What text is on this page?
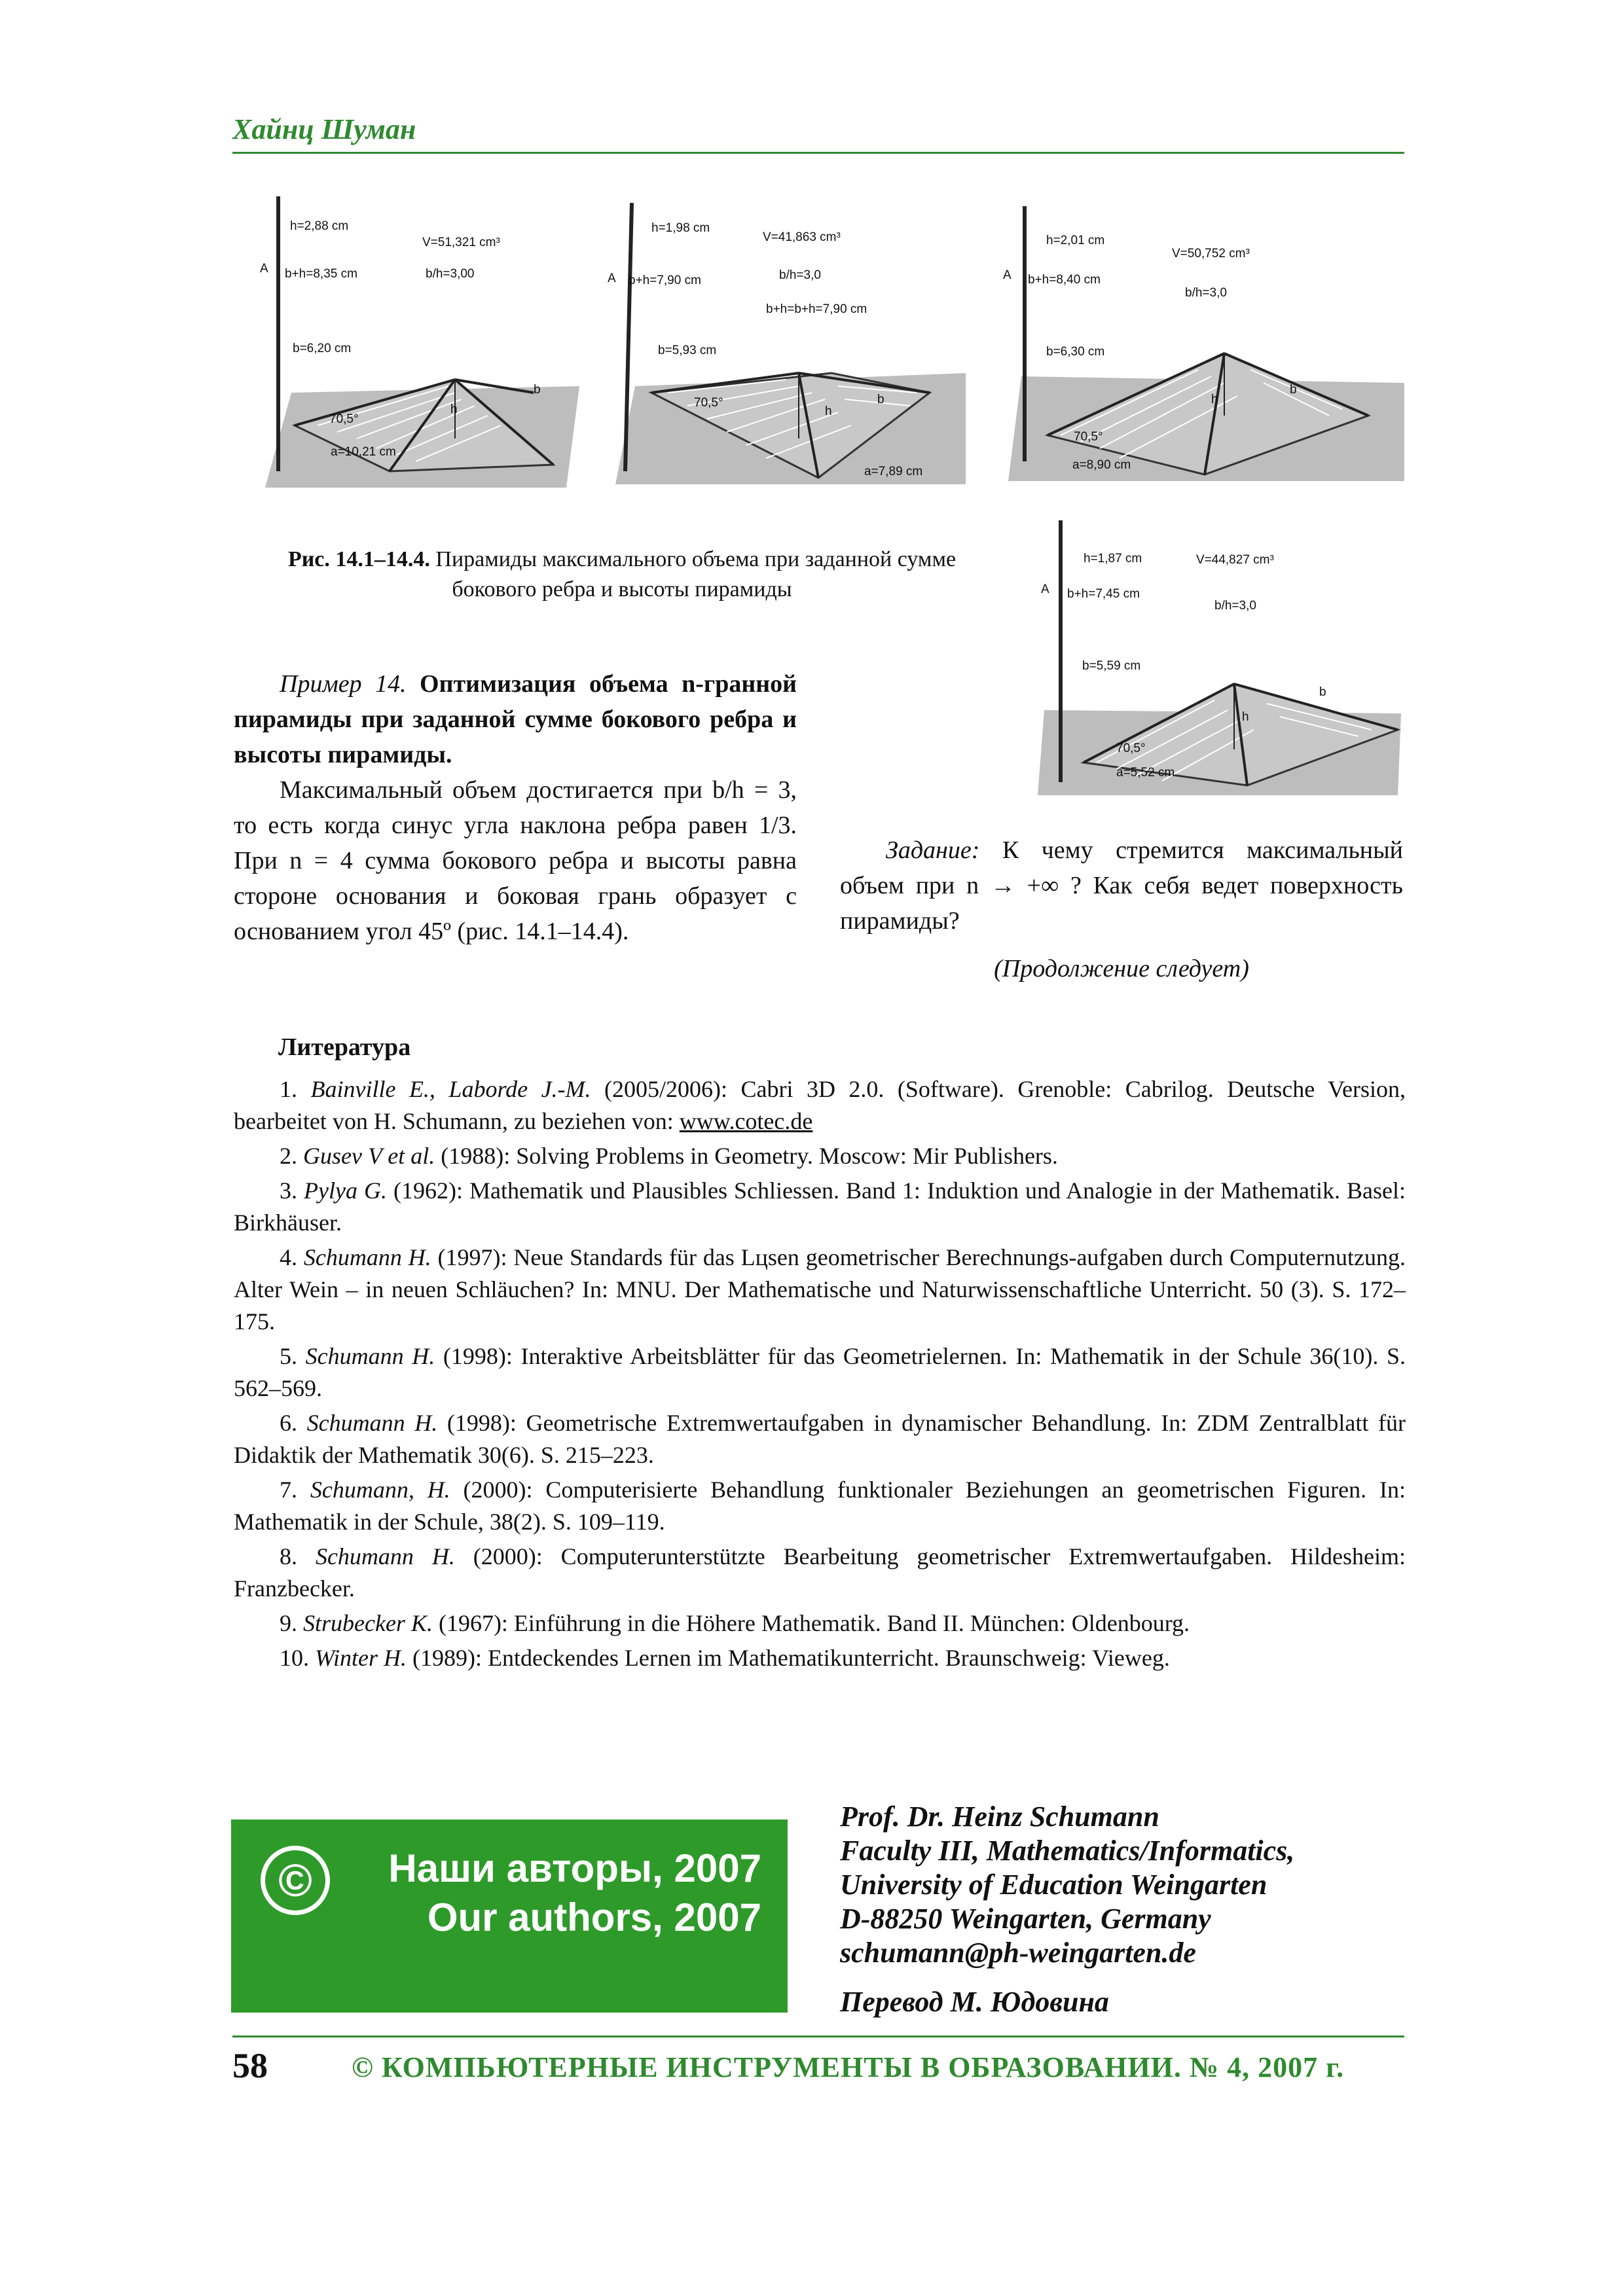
Хайнц Шуман
h=2,88 cm
V=51,321 cm³
b+h=8,35 cm	b/h=3,00
A
b=6,20 cm
b
a=10,21 cm
70,5°
h
h=1,98 cm
V=41,863 cm³
b+h=7,90 cm	b/h=3,0
b+h=b+h=7,90 cm
A
b=5,93 cm
70,5°	b
h
a=7,89 cm
h=2,01 cm
V=50,752 cm³
b+h=8,40 cm
b/h=3,0
A
b=6,30 cm
b
h
70,5°
a=8,90 cm
h=1,87 cm	V=44,827 cm³
b+h=7,45 cm
b/h=3,0
A
b=5,59 cm
b
h
70,5°
a=5,52 cm
Рис. 14.1–14.4. Пирамиды максимального объема при заданной сумме бокового ребра и высоты пирамиды

Пример 14. Оптимизация объема n-гранной пирамиды при заданной сумме бокового ребра и высоты пирамиды.

Максимальный объем достигается при b/h = 3, то есть когда синус угла наклона ребра равен 1/3. При n = 4 сумма бокового ребра и высоты равна стороне основания и боковая грань образует с основанием угол 45º (рис. 14.1–14.4).

Задание: К чему стремится максимальный объем при n → +∞ ? Как себя ведет поверхность пирамиды?
(Продолжение следует)
Литература

1. Bainville E., Laborde J.-M. (2005/2006): Cabri 3D 2.0. (Software). Grenoble: Cabrilog. Deutsche Version, bearbeitet von H. Schumann, zu beziehen von: www.cotec.de

2. Gusev V et al. (1988): Solving Problems in Geometry. Moscow: Mir Publishers.

3. Pylya G. (1962): Mathematik und Plausibles Schliessen. Band 1: Induktion und Analogie in der Mathematik. Basel: Birkhäuser.

4. Schumann H. (1997): Neue Standards für das Lцsen geometrischer Berechnungs-aufgaben durch Computernutzung. Alter Wein – in neuen Schläuchen? In: MNU. Der Mathematische und Naturwissenschaftliche Unterricht. 50 (3). S. 172–175.

5. Schumann H. (1998): Interaktive Arbeitsblätter für das Geometrielernen. In: Mathematik in der Schule 36(10). S. 562–569.

6. Schumann H. (1998): Geometrische Extremwertaufgaben in dynamischer Behandlung. In: ZDM Zentralblatt für Didaktik der Mathematik 30(6). S. 215–223.

7. Schumann, H. (2000): Computerisierte Behandlung funktionaler Beziehungen an geometrischen Figuren. In: Mathematik in der Schule, 38(2). S. 109–119.

8. Schumann H. (2000): Computerunterstützte Bearbeitung geometrischer Extremwertaufgaben. Hildesheim: Franzbecker.

9. Strubecker K. (1967): Einführung in die Höhere Mathematik. Band II. München: Oldenbourg.

10. Winter H. (1989): Entdeckendes Lernen im Mathematikunterricht. Braunschweig: Vieweg.

©	Наши авторы, 2007
Our authors, 2007
Prof. Dr. Heinz Schumann
Faculty III, Mathematics/Informatics,
University of Education Weingarten
D-88250 Weingarten, Germany
schumann@ph-weingarten.de
Перевод М. Юдовина
58	© КОМПЬЮТЕРНЫЕ ИНСТРУМЕНТЫ В ОБРАЗОВАНИИ. № 4, 2007 г.
